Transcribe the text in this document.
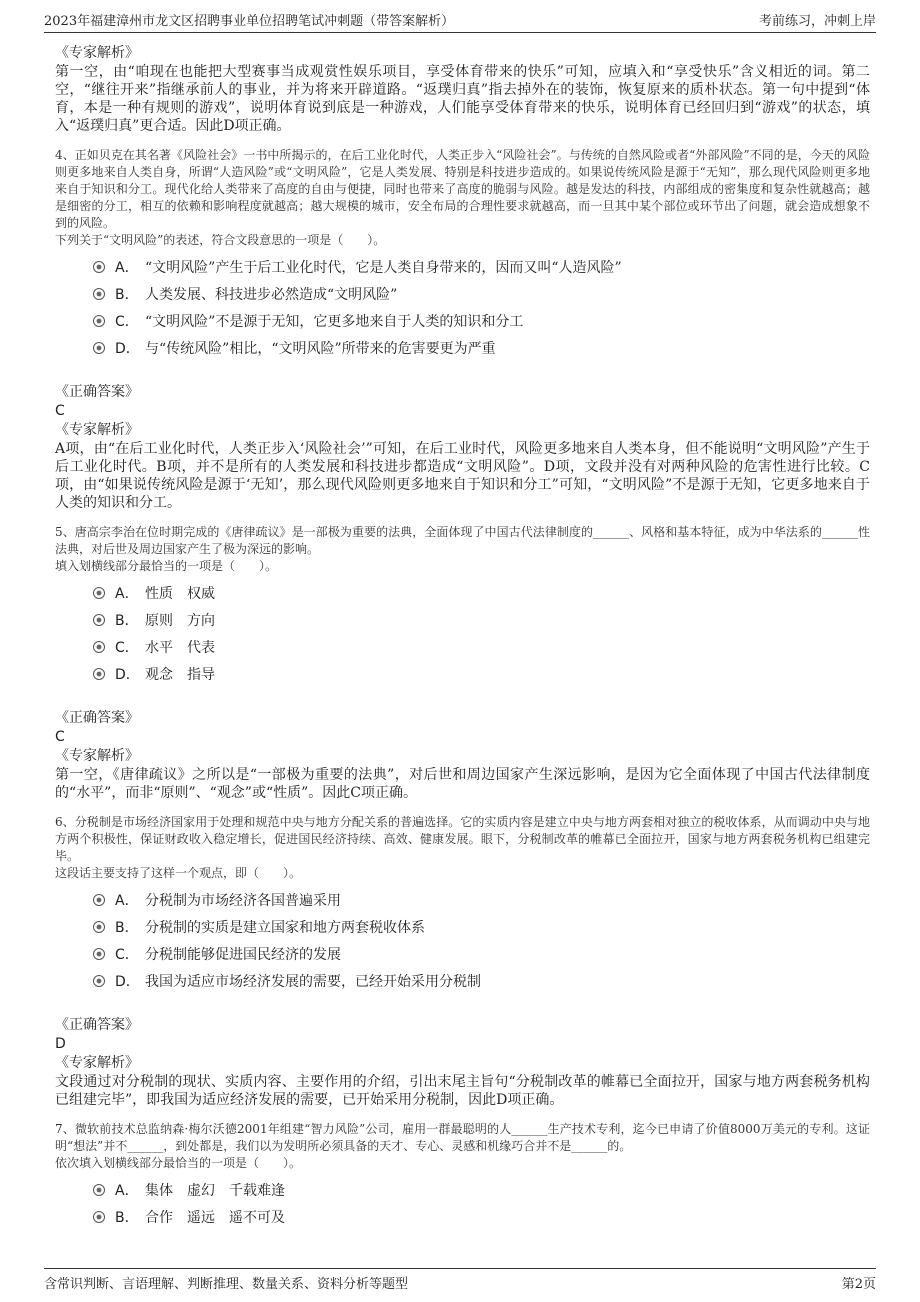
2023年福建漳州市龙文区招聘事业单位招聘笔试冲刺题（带答案解析）	考前练习，冲刺上岸
www.zixin.com.cn
《专家解析》
第一空，由“咱现在也能把大型赛事当成观赏性娱乐项目，享受体育带来的快乐”可知，应填入和“享受快乐”含义相近的词。第二空，“继往开来”指继承前人的事业，并为将来开辟道路。“返璞归真”指去掉外在的装饰，恢复原来的质朴状态。第一句中提到“体育，本是一种有规则的游戏”，说明体育说到底是一种游戏，人们能享受体育带来的快乐，说明体育已经回归到“游戏”的状态，填入“返璞归真”更合适。因此D项正确。
4、正如贝克在其名著《风险社会》一书中所揭示的，在后工业化时代，人类正步入“风险社会”。与传统的自然风险或者“外部风险”不同的是，今天的风险则更多地来自人类自身，所谓“人造风险”或“文明风险”，它是人类发展、特别是科技进步造成的。如果说传统风险是源于“无知”，那么现代风险则更多地来自于知识和分工。现代化给人类带来了高度的自由与便捷，同时也带来了高度的脆弱与风险。越是发达的科技，内部组成的密集度和复杂性就越高；越是细密的分工，相互的依赖和影响程度就越高；越大规模的城市，安全布局的合理性要求就越高，而一旦其中某个部位或环节出了问题，就会造成想象不到的风险。
下列关于“文明风险”的表述，符合文段意思的一项是（　　）。
A． “文明风险”产生于后工业化时代，它是人类自身带来的，因而又叫“人造风险”
B． 人类发展、科技进步必然造成“文明风险”
C． “文明风险”不是源于无知，它更多地来自于人类的知识和分工
D． 与“传统风险”相比，“文明风险”所带来的危害要更为严重
《正确答案》
C
《专家解析》
A项，由“在后工业化时代，人类正步入‘风险社会’”可知，在后工业时代，风险更多地来自人类本身，但不能说明“文明风险”产生于后工业化时代。B项，并不是所有的人类发展和科技进步都造成“文明风险”。D项，文段并没有对两种风险的危害性进行比较。C项，由“如果说传统风险是源于‘无知’，那么现代风险则更多地来自于知识和分工”可知，“文明风险”不是源于无知，它更多地来自于人类的知识和分工。
5、唐高宗李治在位时期完成的《唐律疏议》是一部极为重要的法典，全面体现了中国古代法律制度的______、风格和基本特征，成为中华法系的______性法典，对后世及周边国家产生了极为深远的影响。
填入划横线部分最恰当的一项是（　　）。
A． 性质　权威
B． 原则　方向
C． 水平　代表
D． 观念　指导
《正确答案》
C
《专家解析》
第一空，《唐律疏议》之所以是“一部极为重要的法典”，对后世和周边国家产生深远影响，是因为它全面体现了中国古代法律制度的“水平”，而非“原则”、“观念”或“性质”。因此C项正确。
6、分税制是市场经济国家用于处理和规范中央与地方分配关系的普遍选择。它的实质内容是建立中央与地方两套相对独立的税收体系，从而调动中央与地方两个积极性，保证财政收入稳定增长，促进国民经济持续、高效、健康发展。眼下，分税制改革的帷幕已全面拉开，国家与地方两套税务机构已组建完毕。
这段话主要支持了这样一个观点，即（　　）。
A． 分税制为市场经济各国普遍采用
B． 分税制的实质是建立国家和地方两套税收体系
C． 分税制能够促进国民经济的发展
D． 我国为适应市场经济发展的需要，已经开始采用分税制
《正确答案》
D
《专家解析》
文段通过对分税制的现状、实质内容、主要作用的介绍，引出末尾主旨句“分税制改革的帷幕已全面拉开，国家与地方两套税务机构已组建完毕”，即我国为适应经济发展的需要，已开始采用分税制，因此D项正确。
7、微软前技术总监纳森·梅尔沃德2001年组建“智力风险”公司，雇用一群最聪明的人______生产技术专利，迄今已申请了价值8000万美元的专利。这证明“想法”并不______，到处都是，我们以为发明所必须具备的天才、专心、灵感和机缘巧合并不是______的。
依次填入划横线部分最恰当的一项是（　　）。
A． 集体　虚幻　千载难逢
B． 合作　遥远　遥不可及
含常识判断、言语理解、判断推理、数量关系、资料分析等题型	第2页
